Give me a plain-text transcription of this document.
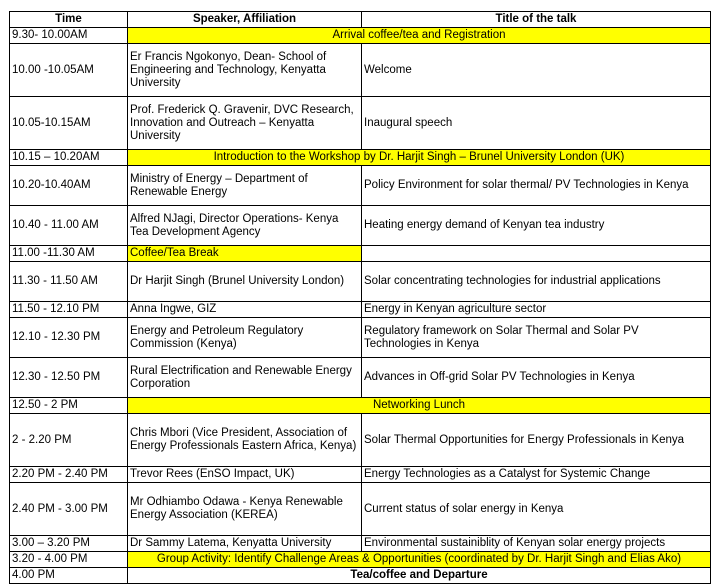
Time	Speaker, Affiliation	Title of the talk
9.30- 10.00AM	Arrival coffee/tea and Registration	
10.00 -10.05AM	Er Francis Ngokonyo, Dean- School of Engineering and Technology, Kenyatta University	Welcome
10.05-10.15AM	Prof. Frederick Q. Gravenir, DVC Research, Innovation and Outreach – Kenyatta University	Inaugural speech
10.15 – 10.20AM	Introduction to the Workshop by Dr. Harjit Singh – Brunel University London (UK)	
10.20-10.40AM	Ministry of Energy – Department of Renewable Energy	Policy Environment for solar thermal/ PV Technologies in Kenya
10.40 - 11.00 AM	Alfred NJagi, Director Operations- Kenya Tea Development Agency	Heating energy demand of Kenyan tea industry
11.00 -11.30 AM	Coffee/Tea Break	
11.30 - 11.50 AM	Dr Harjit Singh (Brunel University London)	Solar concentrating technologies for industrial applications
11.50 - 12.10 PM	Anna Ingwe, GIZ	Energy in Kenyan agriculture sector
12.10 - 12.30 PM	Energy and Petroleum Regulatory Commission (Kenya)	Regulatory framework on Solar Thermal and Solar PV Technologies in Kenya
12.30 - 12.50 PM	Rural Electrification and Renewable Energy Corporation	Advances in Off-grid Solar PV Technologies in Kenya
12.50 - 2 PM	Networking Lunch	
2 - 2.20 PM	Chris Mbori (Vice President, Association of Energy Professionals Eastern Africa, Kenya)	Solar Thermal Opportunities for Energy Professionals in Kenya
2.20 PM - 2.40 PM	Trevor Rees (EnSO Impact, UK)	Energy Technologies as a Catalyst for Systemic Change
2.40 PM - 3.00 PM	Mr Odhiambo Odawa - Kenya Renewable Energy Association (KEREA)	Current status of solar energy in Kenya
3.00 – 3.20 PM	Dr Sammy Latema, Kenyatta University	Environmental sustainiblity of Kenyan solar energy projects
3.20 - 4.00 PM	Group Activity: Identify Challenge Areas & Opportunities (coordinated by Dr. Harjit Singh and Elias Ako)	
4.00 PM	Tea/coffee and Departure	
